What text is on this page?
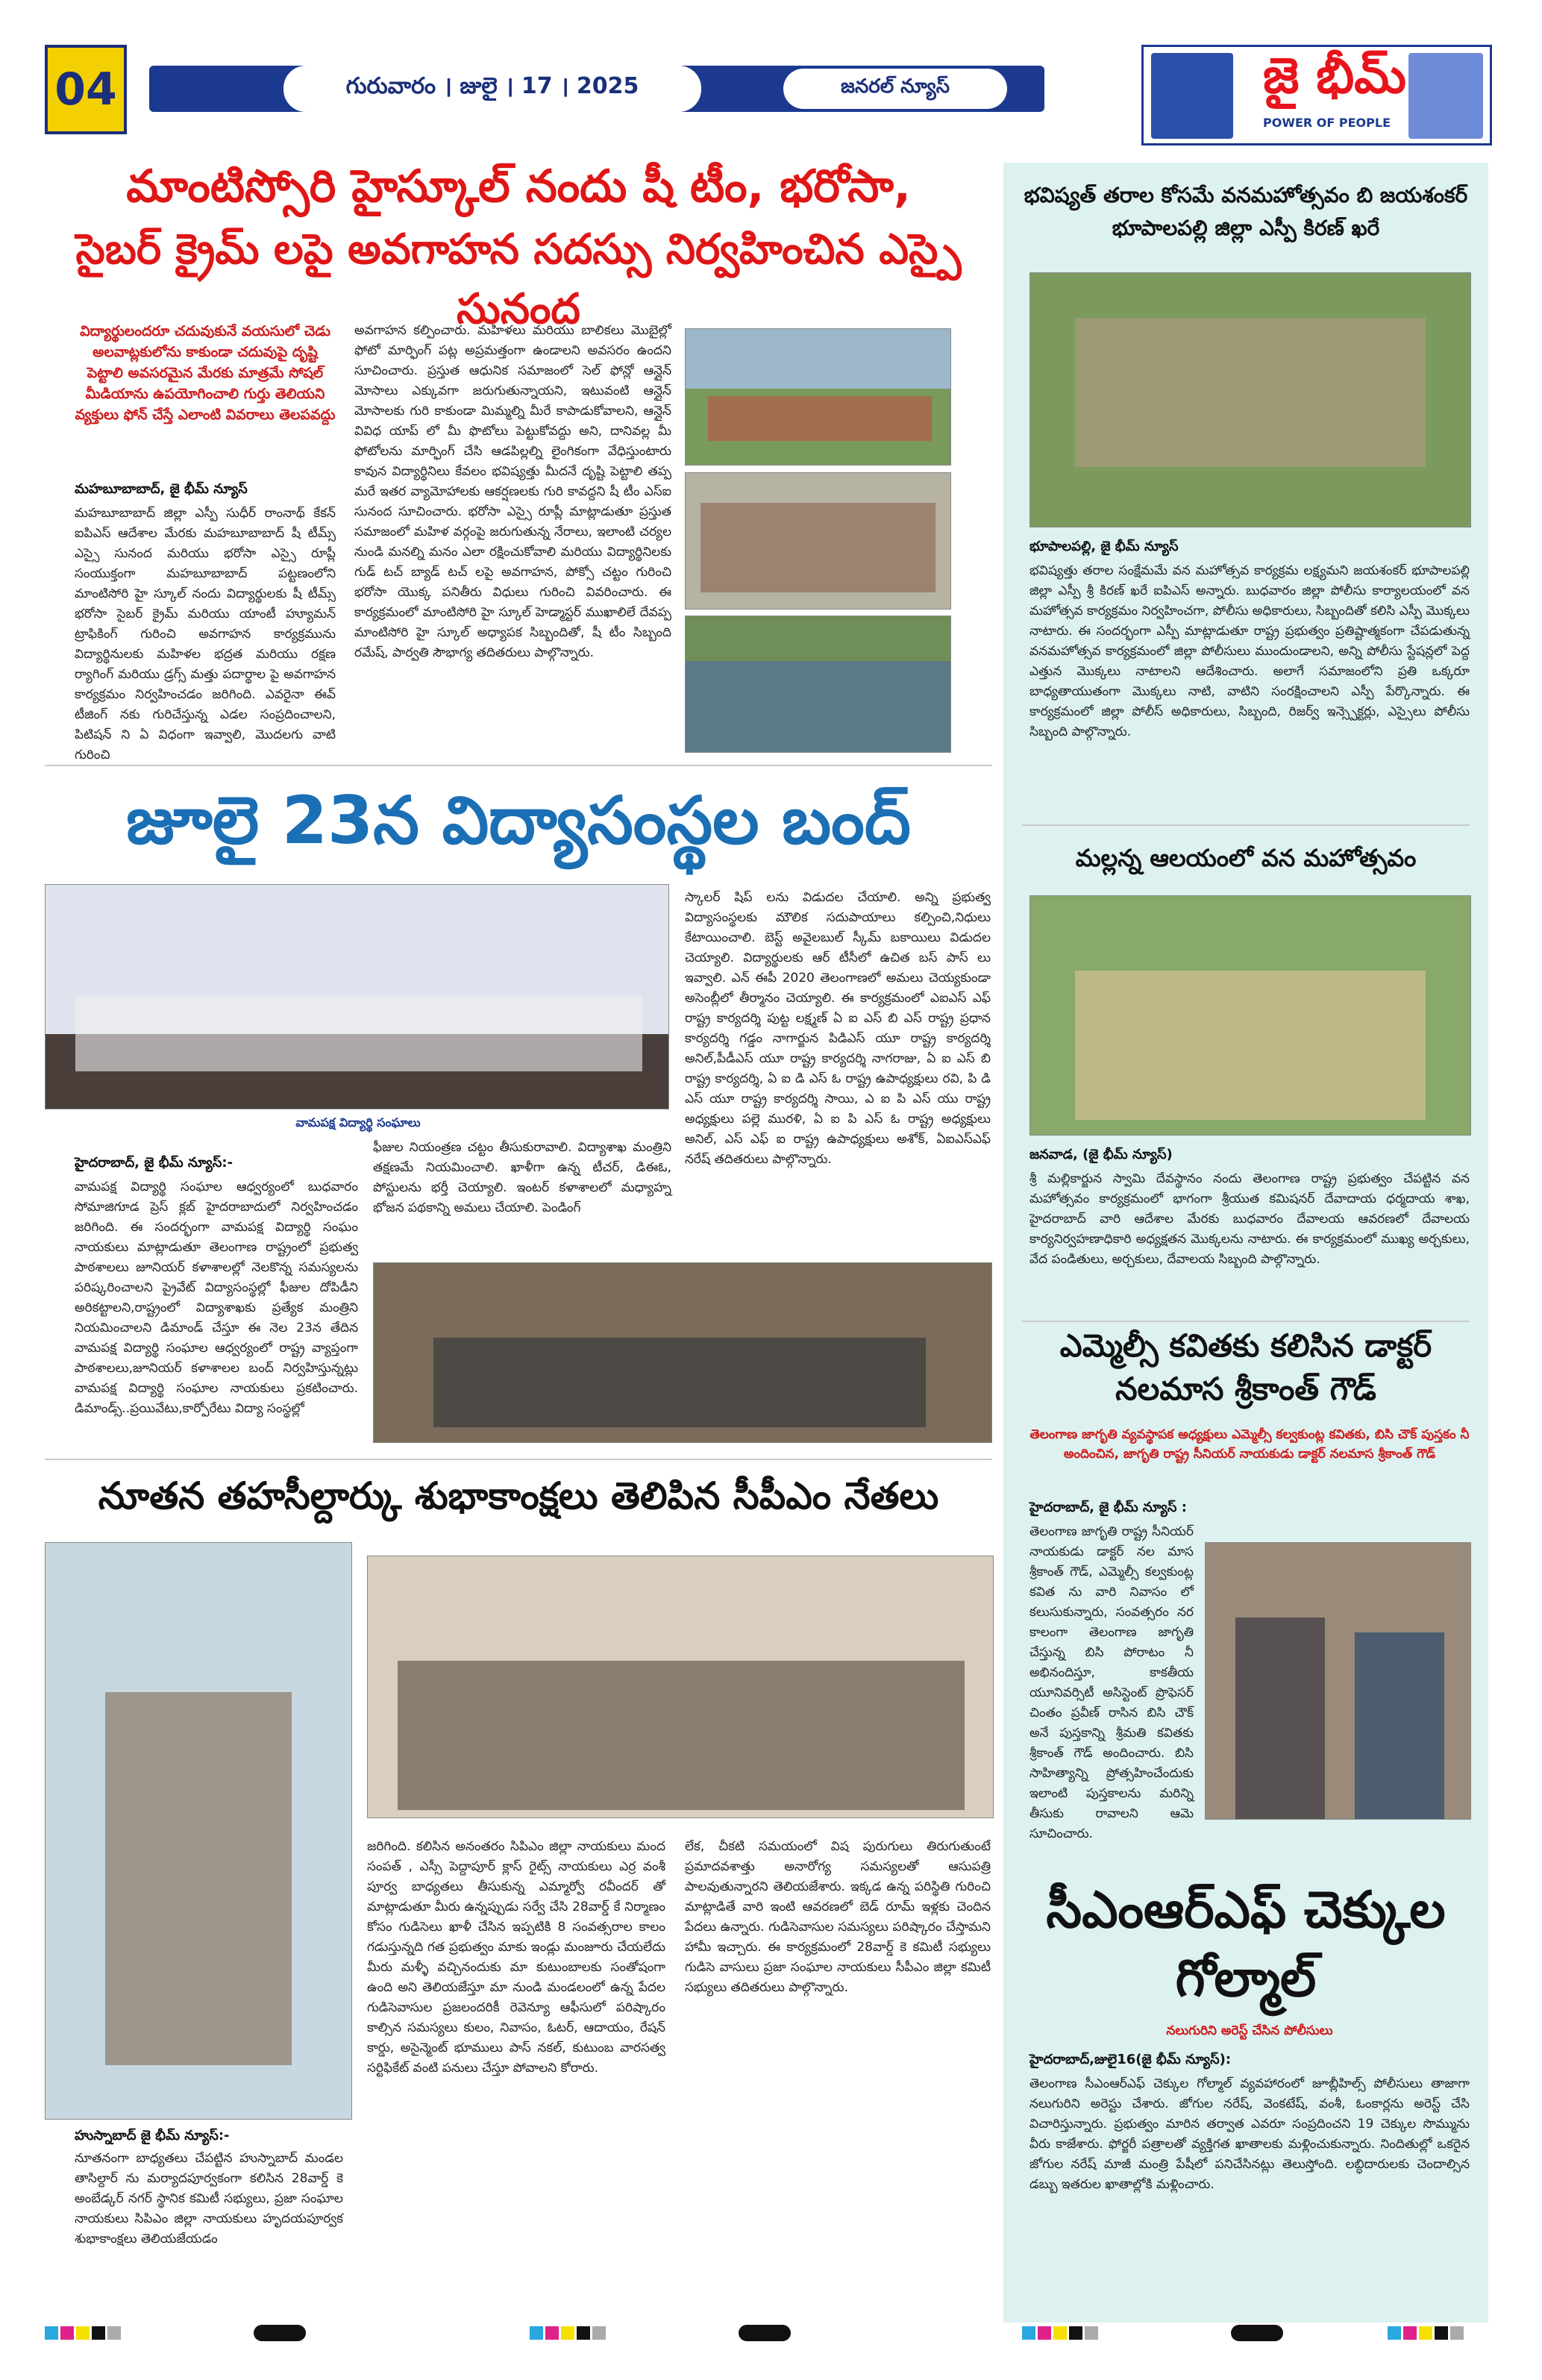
04	గురువారం । జులై । 17 । 2025	జనరల్ న్యూస్	జై భీమ్
POWER OF PEOPLE
మాంటిస్సోరి హైస్కూల్ నందు షీ టీం, భరోసా,
సైబర్ క్రైమ్ లపై అవగాహన సదస్సు నిర్వహించిన ఎస్పై సునంద
విద్యార్థులందరూ చదువుకునే వయసులో చెడు అలవాట్లకులోను కాకుండా చదువుపై దృష్టి పెట్టాలి అవసరమైన మేరకు మాత్రమే సోషల్ మీడియాను ఉపయోగించాలి గుర్తు తెలియని వ్యక్తులు ఫోన్ చేస్తే ఎలాంటి వివరాలు తెలపవద్దు
మహబూబాబాద్, జై భీమ్ న్యూస్
మహబూబాబాద్ జిల్లా ఎస్పీ సుధీర్ రాంనాథ్ కేకన్ ఐపిఎస్ ఆదేశాల మేరకు మహబూబాబాద్ షీ టీమ్స్ ఎస్సై సునంద మరియు భరోసా ఎస్సై రూప్లీ సంయుక్తంగా మహబూబాబాద్ పట్టణంలోని మాంటిసోరి హై స్కూల్ నందు విద్యార్థులకు షీ టీమ్స్ భరోసా సైబర్ క్రైమ్ మరియు యాంటీ హ్యూమన్ ట్రాఫికింగ్ గురించి అవగాహన కార్యక్రమును విద్యార్థినులకు మహిళల భద్రత మరియు రక్షణ ర్యాగింగ్ మరియు డ్రగ్స్ మత్తు పదార్థాల పై అవగాహన కార్యక్రమం నిర్వహించడం జరిగింది. ఎవరైనా ఈవ్ టీజింగ్ నకు గురిచేస్తున్న ఎడల సంప్రదించాలని, పిటిషన్ ని ఏ విధంగా ఇవ్వాలి, మొదలగు వాటి గురించి
అవగాహన కల్పించారు. మహిళలు మరియు బాలికలు మొబైల్లో ఫోటో మార్ఫింగ్ పట్ల అప్రమత్తంగా ఉండాలని అవసరం ఉందని సూచించారు. ప్రస్తుత ఆధునిక సమాజంలో సెల్ ఫోన్లో ఆన్లైన్ మోసాలు ఎక్కువగా జరుగుతున్నాయని, ఇటువంటి ఆన్లైన్ మోసాలకు గురి కాకుండా మిమ్మల్ని మీరే కాపాడుకోవాలని, ఆన్లైన్ వివిధ యాప్ లో మీ ఫొటోలు పెట్టుకోవద్దు అని, దానివల్ల మీ ఫోటోలను మార్ఫింగ్ చేసి ఆడపిల్లల్ని లైంగికంగా వేధిస్తుంటారు కావున విద్యార్థినిలు కేవలం భవిష్యత్తు మీదనే దృష్టి పెట్టాలి తప్ప మరే ఇతర వ్యామోహాలకు ఆకర్షణలకు గురి కావద్దని షీ టీం ఎస్ఐ సునంద సూచించారు. భరోసా ఎస్సై రూప్లీ మాట్లాడుతూ ప్రస్తుత సమాజంలో మహిళ వర్గంపై జరుగుతున్న నేరాలు, ఇలాంటి చర్యల నుండి మనల్ని మనం ఎలా రక్షించుకోవాలి మరియు విద్యార్థినిలకు గుడ్ టచ్ బ్యాడ్ టచ్ లపై అవగాహన, పోక్సో చట్టం గురించి భరోసా యొక్క పనితీరు విధులు గురించి వివరించారు. ఈ కార్యక్రమంలో మాంటిసోరి హై స్కూల్ హెడ్మాస్టర్ ముఖాలిలే దేవప్ప మాంటిసోరి హై స్కూల్ అధ్యాపక సిబ్బందితో, షీ టీం సిబ్బంది రమేష్, పార్వతి సౌభాగ్య తదితరులు పాల్గొన్నారు.
జూలై 23న విద్యాసంస్థల బంద్
వామపక్ష విద్యార్థి సంఘాలు
హైదరాబాద్, జై భీమ్ న్యూస్:-
వామపక్ష విద్యార్థి సంఘాల ఆధ్వర్యంలో బుధవారం సోమాజిగూడ ప్రెస్ క్లబ్ హైదరాబాదులో నిర్వహించడం జరిగింది. ఈ సందర్భంగా వామపక్ష విద్యార్థి సంఘం నాయకులు మాట్లాడుతూ తెలంగాణ రాష్ట్రంలో ప్రభుత్వ పాఠశాలలు జూనియర్ కళాశాలల్లో నెలకొన్న సమస్యలను పరిష్కరించాలని ప్రైవేట్ విద్యాసంస్థల్లో ఫీజుల దోపిడీని అరికట్టాలని,రాష్ట్రంలో విద్యాశాఖకు ప్రత్యేక మంత్రిని నియమించాలని డిమాండ్ చేస్తూ ఈ నెల 23న తేదిన వామపక్ష విద్యార్థి సంఘాల ఆధ్వర్యంలో రాష్ట్ర వ్యాప్తంగా పాఠశాలలు,జూనియర్ కళాశాలల బంద్ నిర్వహిస్తున్నట్లు వామపక్ష విద్యార్థి సంఘాల నాయకులు ప్రకటించారు. డిమాండ్స్..ప్రయివేటు,కార్పోరేటు విద్యా సంస్థల్లో
ఫీజుల నియంత్రణ చట్టం తీసుకురావాలి. విద్యాశాఖ మంత్రిని తక్షణమే నియమించాలి. ఖాళీగా ఉన్న టీచర్, డిఈఓ, పోస్టులను భర్తీ చెయ్యాలి. ఇంటర్ కళాశాలలో మధ్యాహ్న భోజన పథకాన్ని అమలు చేయాలి. పెండింగ్
స్కాలర్ షిప్ లను విడుదల చేయాలి. అన్ని ప్రభుత్వ విద్యాసంస్థలకు మౌలిక సదుపాయాలు కల్పించి,నిధులు కేటాయించాలి. బెస్ట్ అవైలబుల్ స్కీమ్ బకాయిలు విడుదల చెయ్యాలి. విద్యార్థులకు ఆర్ టీసీలో ఉచిత బస్ పాస్ లు ఇవ్వాలి. ఎన్ ఈపీ 2020 తెలంగాణలో అమలు చెయ్యకుండా అసెంబ్లీలో తీర్మానం చెయ్యాలి. ఈ కార్యక్రమంలో ఎఐఎస్ ఎఫ్ రాష్ట్ర కార్యదర్శి పుట్ట లక్ష్మణ్ ఏ ఐ ఎస్ బి ఎస్ రాష్ట్ర ప్రధాన కార్యదర్శి గడ్డం నాగార్జున పిడిఎస్ యూ రాష్ట్ర కార్యదర్శి అనిల్,పీడీఎస్ యూ రాష్ట్ర కార్యదర్శి నాగరాజు, ఏ ఐ ఎస్ బి రాష్ట్ర కార్యదర్శి, ఏ ఐ డి ఎస్ ఓ రాష్ట్ర ఉపాధ్యక్షులు రవి, పి డి ఎస్ యూ రాష్ట్ర కార్యదర్శి సాయి, ఎ ఐ పి ఎస్ యు రాష్ట్ర అధ్యక్షులు పల్లె మురళి, ఏ ఐ పి ఎస్ ఓ రాష్ట్ర అధ్యక్షులు అనిల్, ఎస్ ఎఫ్ ఐ రాష్ట్ర ఉపాధ్యక్షులు అశోక్, ఏఐఎస్ఎఫ్ నరేష్ తదితరులు పాల్గొన్నారు.
నూతన తహసీల్దార్కు శుభాకాంక్షలు తెలిపిన సీపీఎం నేతలు
హుస్నాబాద్ జై భీమ్ న్యూస్:-
నూతనంగా బాధ్యతలు చేపట్టిన హుస్నాబాద్ మండల తాసిల్దార్ ను మర్యాదపూర్వకంగా కలిసిన 28వార్డ్ కె అంబేడ్కర్ నగర్ స్థానిక కమిటీ సభ్యులు, ప్రజా సంఘాల నాయకులు సిపిఎం జిల్లా నాయకులు హృదయపూర్వక శుభాకాంక్షలు తెలియజేయడం
జరిగింది. కలిసిన అనంతరం సిపిఎం జిల్లా నాయకులు మంద సంపత్ , ఎస్సీ పెద్దాపూర్ క్లాస్ రైట్స్ నాయకులు ఎర్ర వంశీ పూర్వ బాధ్యతలు తీసుకున్న ఎమ్మార్వో రవీందర్ తో మాట్లాడుతూ మీరు ఉన్నప్పుడు సర్వే చేసి 28వార్డ్ కే నిర్మాణం కోసం గుడిసెలు ఖాళీ చేసిన ఇప్పటికి 8 సంవత్సరాల కాలం గడుస్తున్నది గత ప్రభుత్వం మాకు ఇండ్లు మంజూరు చేయలేదు మీరు మళ్ళీ వచ్చినందుకు మా కుటుంబాలకు సంతోషంగా ఉంది అని తెలియజేస్తూ మా నుండి మండలంలో ఉన్న పేదల గుడిసెవాసుల ప్రజలందరికీ రెవెన్యూ ఆఫీసులో పరిష్కారం కాల్సిన సమస్యలు కులం, నివాసం, ఓటర్, ఆదాయం, రేషన్ కార్డు, అసైన్మెంట్ భూములు పాస్ నకల్, కుటుంబ వారసత్వ సర్టిఫికేట్ వంటి పనులు చేస్తూ పోవాలని కోరారు.
లేక, చీకటి సమయంలో విష పురుగులు తిరుగుతుంటే ప్రమాదవశాత్తు అనారోగ్య సమస్యలతో ఆసుపత్రి పాలవుతున్నారని తెలియజేశారు. ఇక్కడ ఉన్న పరిస్థితి గురించి మాట్లాడితే వారి ఇంటి ఆవరణలో బెడ్ రూమ్ ఇళ్లకు చెందిన పేదలు ఉన్నారు. గుడిసెవాసుల సమస్యలు పరిష్కారం చేస్తామని హామీ ఇచ్చారు. ఈ కార్యక్రమంలో 28వార్డ్ కె కమిటీ సభ్యులు గుడిసె వాసులు ప్రజా సంఘాల నాయకులు సీపీఎం జిల్లా కమిటీ సభ్యులు తదితరులు పాల్గొన్నారు.
భవిష్యత్ తరాల కోసమే వనమహోత్సవం బి జయశంకర్ భూపాలపల్లి జిల్లా ఎస్పీ కిరణ్ ఖరే
భూపాలపల్లి, జై భీమ్ న్యూస్
భవిష్యత్తు తరాల సంక్షేమమే వన మహోత్సవ కార్యక్రమ లక్ష్యమని జయశంకర్ భూపాలపల్లి జిల్లా ఎస్పీ శ్రీ కిరణ్ ఖరే ఐపిఎస్ అన్నారు. బుధవారం జిల్లా పోలీసు కార్యాలయంలో వన మహోత్సవ కార్యక్రమం నిర్వహించగా, పోలీసు అధికారులు, సిబ్బందితో కలిసి ఎస్పీ మొక్కలు నాటారు. ఈ సందర్భంగా ఎస్పీ మాట్లాడుతూ రాష్ట్ర ప్రభుత్వం ప్రతిష్టాత్మకంగా చేపడుతున్న వనమహోత్సవ కార్యక్రమంలో జిల్లా పోలీసులు ముందుండాలని, అన్ని పోలీసు స్టేషన్లలో పెద్ద ఎత్తున మొక్కలు నాటాలని ఆదేశించారు. అలాగే సమాజంలోని ప్రతి ఒక్కరూ బాధ్యతాయుతంగా మొక్కలు నాటి, వాటిని సంరక్షించాలని ఎస్పీ పేర్కొన్నారు. ఈ కార్యక్రమంలో జిల్లా పోలీస్ అధికారులు, సిబ్బంది, రిజర్వ్ ఇన్స్పెక్టర్లు, ఎస్సైలు పోలీసు సిబ్బంది పాల్గొన్నారు.
మల్లన్న ఆలయంలో వన మహోత్సవం
జనవాడ, (జై భీమ్ న్యూస్)
శ్రీ మల్లికార్జున స్వామి దేవస్థానం నందు తెలంగాణ రాష్ట్ర ప్రభుత్వం చేపట్టిన వన మహోత్సవం కార్యక్రమంలో భాగంగా శ్రీయుత కమిషనర్ దేవాదాయ ధర్మదాయ శాఖ, హైదరాబాద్ వారి ఆదేశాల మేరకు బుధవారం దేవాలయ ఆవరణలో దేవాలయ కార్యనిర్వహణాధికారి అధ్యక్షతన మొక్కలను నాటారు. ఈ కార్యక్రమంలో ముఖ్య అర్చకులు, వేద పండితులు, అర్చకులు, దేవాలయ సిబ్బంది పాల్గొన్నారు.
ఎమ్మెల్సీ కవితకు కలిసిన డాక్టర్ నలమాస శ్రీకాంత్ గౌడ్
తెలంగాణ జాగృతి వ్యవస్థాపక అధ్యక్షులు ఎమ్మెల్సీ కల్వకుంట్ల కవితకు, బిసి చౌక్ పుస్తకం నీ అందించిన, జాగృతి రాష్ట్ర సీనియర్ నాయకుడు డాక్టర్ నలమాస శ్రీకాంత్ గౌడ్
హైదరాబాద్, జై భీమ్ న్యూస్ :
తెలంగాణ జాగృతి రాష్ట్ర సీనియర్ నాయకుడు డాక్టర్ నల మాస శ్రీకాంత్ గౌడ్, ఎమ్మెల్సీ కల్వకుంట్ల కవిత ను వారి నివాసం లో కలుసుకున్నారు, సంవత్సరం నర కాలంగా తెలంగాణ జాగృతి చేస్తున్న బిసి పోరాటం నీ అభినందిస్తూ, కాకతీయ యూనివర్సిటీ అసిస్టెంట్ ప్రొఫెసర్ చింతం ప్రవీణ్ రాసిన బిసి చౌక్ అనే పుస్తకాన్ని శ్రీమతి కవితకు శ్రీకాంత్ గౌడ్ అందించారు. బిసి సాహిత్యాన్ని ప్రోత్సహించేందుకు ఇలాంటి పుస్తకాలను మరిన్ని తీసుకు రావాలని ఆమె సూచించారు.
సీఎంఆర్ఎఫ్ చెక్కుల గోల్మాల్
నలుగురిని అరెస్ట్ చేసిన పోలీసులు
హైదరాబాద్,జులై16(జై భీమ్ న్యూస్):
తెలంగాణ సీఎంఆర్ఎఫ్ చెక్కుల గోల్మాల్ వ్యవహారంలో జూబ్లీహిల్స్ పోలీసులు తాజాగా నలుగురిని అరెస్టు చేశారు. జోగుల నరేష్, వెంకటేష్, వంశీ, ఓంకార్లను అరెస్ట్ చేసి విచారిస్తున్నారు. ప్రభుత్వం మారిన తర్వాత ఎవరూ సంప్రదించని 19 చెక్కుల సొమ్మును వీరు కాజేశారు. ఫోర్జరీ పత్రాలతో వ్యక్తిగత ఖాతాలకు మళ్లించుకున్నారు. నిందితుల్లో ఒకరైన జోగుల నరేష్ మాజీ మంత్రి పేషీలో పనిచేసినట్లు తెలుస్తోంది. లబ్ధిదారులకు చెందాల్సిన డబ్బు ఇతరుల ఖాతాల్లోకి మళ్లించారు.
